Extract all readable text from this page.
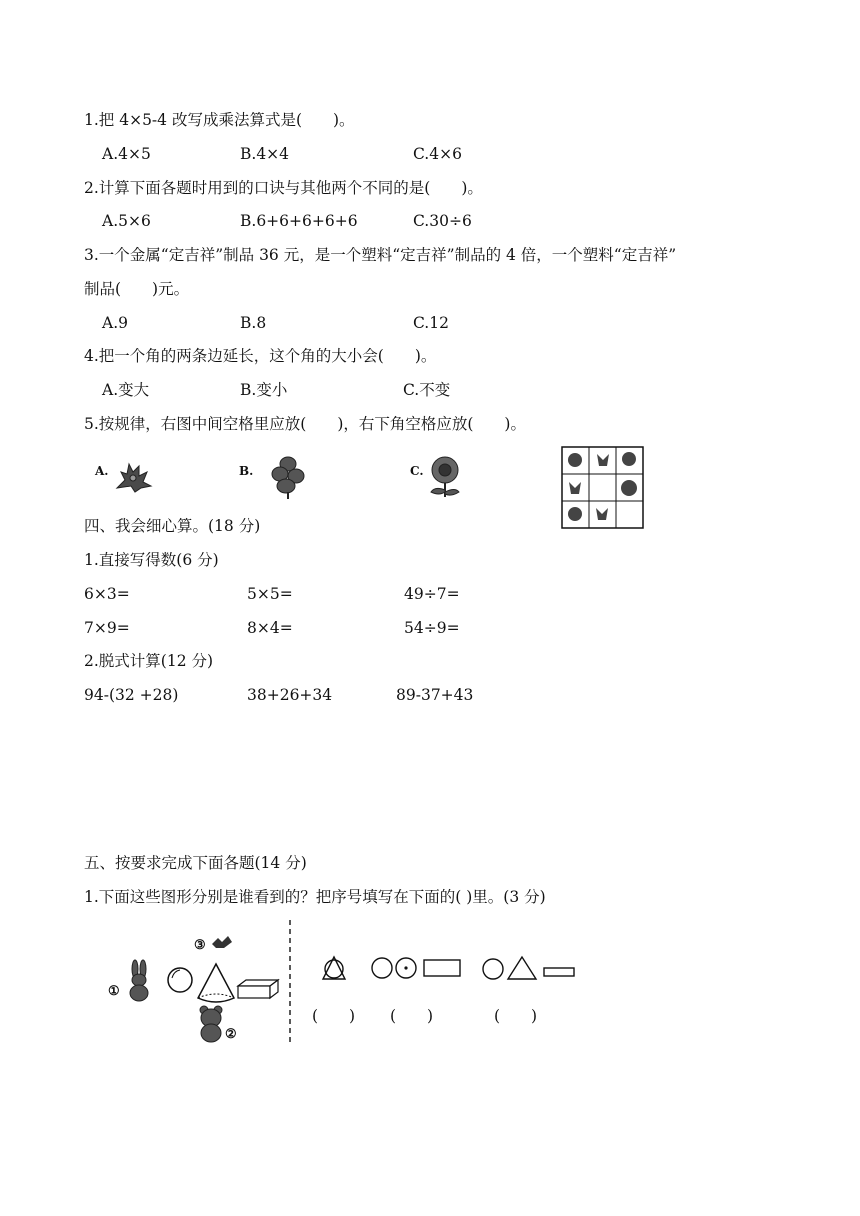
1.把 4×5-4 改写成乘法算式是(　　)。
A.4×5	B.4×4	C.4×6
2.计算下面各题时用到的口诀与其他两个不同的是(　　)。
A.5×6	B.6+6+6+6+6	C.30÷6
3.一个金属“定吉祥”制品 36 元，是一个塑料“定吉祥”制品的 4 倍，一个塑料“定吉祥”
制品(　　)元。
A.9	B.8	C.12
4.把一个角的两条边延长，这个角的大小会(　　)。
A.变大	B.变小	C.不变
5.按规律，右图中间空格里应放(　　)，右下角空格应放(　　)。
A.	B.	C.
四、我会细心算。(18 分)
1.直接写得数(6 分)
6×3=	5×5=	49÷7=
7×9=	8×4=	54÷9=
2.脱式计算(12 分)
94-(32 +28)	38+26+34	89-37+43
五、按要求完成下面各题(14 分)
1.下面这些图形分别是谁看到的？把序号填写在下面的( )里。(3 分)
③
①
②
(　　) (　　)	(　　)
